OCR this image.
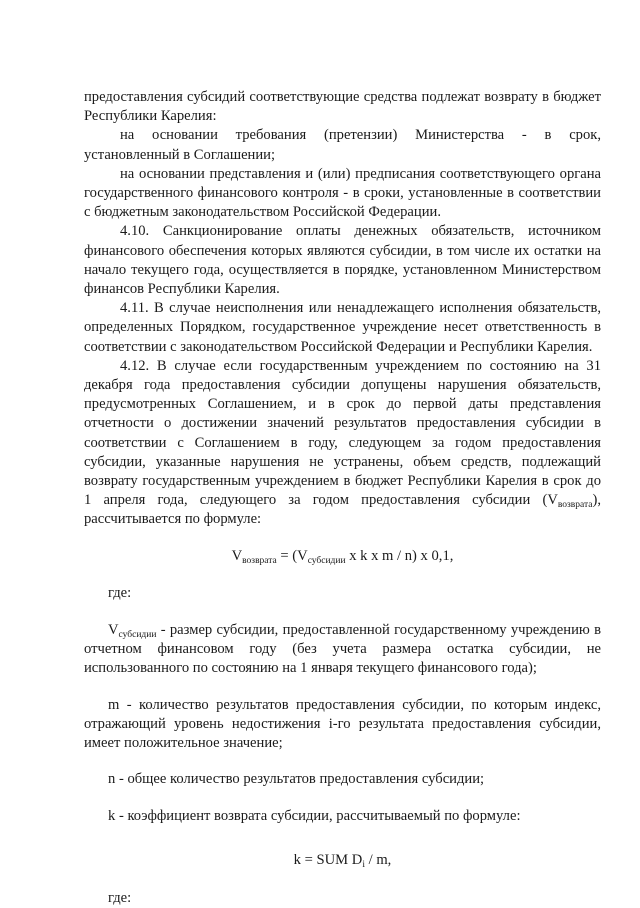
предоставления субсидий соответствующие средства подлежат возврату в бюджет Республики Карелия:

на основании требования (претензии) Министерства - в срок, установленный в Соглашении;

на основании представления и (или) предписания соответствующего органа государственного финансового контроля - в сроки, установленные в соответствии с бюджетным законодательством Российской Федерации.

4.10. Санкционирование оплаты денежных обязательств, источником финансового обеспечения которых являются субсидии, в том числе их остатки на начало текущего года, осуществляется в порядке, установленном Министерством финансов Республики Карелия.

4.11. В случае неисполнения или ненадлежащего исполнения обязательств, определенных Порядком, государственное учреждение несет ответственность в соответствии с законодательством Российской Федерации и Республики Карелия.

4.12. В случае если государственным учреждением по состоянию на 31 декабря года предоставления субсидии допущены нарушения обязательств, предусмотренных Соглашением, и в срок до первой даты представления отчетности о достижении значений результатов предоставления субсидии в соответствии с Соглашением в году, следующем за годом предоставления субсидии, указанные нарушения не устранены, объем средств, подлежащий возврату государственным учреждением в бюджет Республики Карелия в срок до 1 апреля года, следующего за годом предоставления субсидии $(V_{возврата})$, рассчитывается по формуле:

$V_{возврата} = (V_{субсидии}$ x k x m / n) x 0,1,

где:

$V_{субсидии}$ - размер субсидии, предоставленной государственному учреждению в отчетном финансовом году (без учета размера остатка субсидии, не использованного по состоянию на 1 января текущего финансового года);

m - количество результатов предоставления субсидии, по которым индекс, отражающий уровень недостижения i-го результата предоставления субсидии, имеет положительное значение;

n - общее количество результатов предоставления субсидии;

k - коэффициент возврата субсидии, рассчитываемый по формуле:

k = SUM $D_i$ / m,

где:
